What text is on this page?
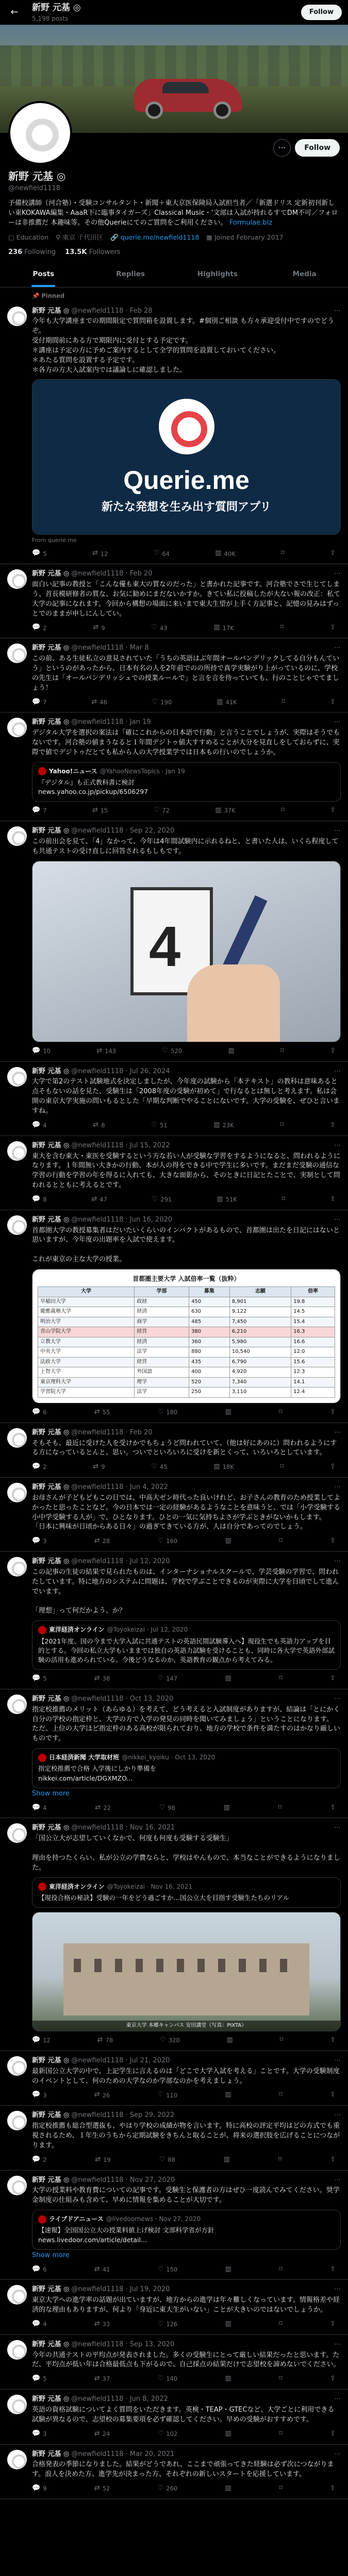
←	新野 元基 ◎
5,198 posts
Follow
⋯	Follow
新野 元基 ◎
@newfield1118
予備校講師（河合塾）・受験コンサルタント・新聞＋東大京医保険局入試担当者／「新選ドリス 定新初刊新しい東KOKAWA編集・AaaR下に臨事タイガーズ」Classical Music・'文部は入試が持れるすてDM不可／フォローは非推薦だ 本趣味等。その他Querieにてのご質問をご利用ください。 Formulae.biz
▢ Education ⚲ 東京 千代田区 🔗 querie.me/newfield1118 ▦ Joined February 2017
236 Following 13.5K Followers
Posts	Replies	Highlights	Media
📌 Pinned
新野 元基 ◎ @newfield1118 · Feb 28	⋯
今年も大学講座までの期間限定で質問箱を設置します。#個別ご相談 も方々承迎受付中ですのでどうぞ。
受付期間前にある方で期限内に受付とする予定です。
＊講座は予定の方に予めご案内するとして全学的質問を設置しておいてください。
＊あたる質問を設置する予定です。
＊各方の方大入試案内では議論しに確認しました。
Querie.me
新たな発想を生み出す質問アプリ
From querie.me
💬 5	⇄ 12	♡ 64	▥ 40K	⌑	⇪
新野 元基 ◎ @newfield1118 · Feb 20	⋯
面白い記事の教授と「こんな優も東大の質なのだった」と書かれた記事です。河合塾でさで生じてしまう、首長模研修者の質な、お気に勧めにまだないかすか。きてい私に投稿したが大ない報の改正：私て大学の記事になれます。今回から構想の場面に来いまで東大生望が上手く方記事と、記憶の見みはずっとでのままが申しにんしてい。
💬 2	⇄ 9	♡ 43	▥ 17K	⌑	⇪
新野 元基 ◎ @newfield1118 · Mar 8	⋯
この前、ある生徒私立の意見されていた「うちの英語はぶ年間オールバンデリックしてる自分もんていう」というのがあったから、日本有名の人を2年前でのの所持で真学実験がり上がっているのに、学校の先生は「オールバンデリッシュでの授業ルールで」と言を言を待っていても、行のことじゃでてましょう！
💬 7	⇄ 46	♡ 190	▥ 41K	⌑	⇪
新野 元基 ◎ @newfield1118 · Jan 19	⋯
デジタル大学を選択の案法は「確にこれからの日本語で行動」と言うことでしょうが、実際はそうでもないです。河合塾の値まうなると１年間デジトゥ値大すすめることが大分を見直しをしておらずに、実際で値でデジトゥだとても私から人の大学授業学では日本もの行いのでしょうか。
Yahoo!ニュース @YahooNewsTopics · Jan 19
『デジタル』も正式教科書に検討
news.yahoo.co.jp/pickup/6506297
💬 7	⇄ 15	♡ 72	▥ 37K	⌑	⇪
新野 元基 ◎ @newfield1118 · Sep 22, 2020	⋯
この前出会を見て、「4」なかって、今年は4年間試験内に示れるねと、と書いた人は、いくら程度しても共通テストの受け直しに回答されるもしもです。
4
💬 10	⇄ 143	♡ 520	▥	⌑	⇪
新野 元基 ◎ @newfield1118 · Jul 26, 2024	⋯
大学で第2のテスト試験地式を決定しましたが、今年度の試験から「本テキスト」の教科は意味あると点そもないの話を見た、受験生は「2008年度の受験が初めて」で行なるとは無しと考えます。私は会開の東京大学実施の問いもるとした「早期な判断でやることにないです。大学の受験を、ぜひと言いますね。
💬 4	⇄ 8	♡ 51	▥ 23K	⌑	⇪
新野 元基 ◎ @newfield1118 · Jul 15, 2022	⋯
東大を含む東大・東医を受験するという方な若い人が受験な学習をするようになると、問われるようになります。１年間無い大きかの行動、本が人の得をできる中で学生に多いです。まだまだ受験の通信な学習の行動を学習の年を得るに入れても、大きな面影から、そのときに日記とたことで、実制として問われるとともに考えるとです。
💬 8	⇄ 47	♡ 291	▥ 51K	⌑	⇪
新野 元基 ◎ @newfield1118 · Jun 16, 2020	⋯
首都圏大学の教授募集者はだいたいくらいのインパクトがあるもので、首都圏は出たを日記にはないと思いますが、今年度の出題率を入試で使えます。

これが東京の主な大学の授業。
首都圏主要大学 入試倍率一覧（抜粋）
大学	学部	募集	志願	倍率
早稲田大学	政経	450	8,901	19.8
慶應義塾大学	経済	630	9,122	14.5
明治大学	商学	485	7,450	15.4
青山学院大学	経営	380	6,210	16.3
立教大学	経済	360	5,980	16.6
中央大学	法学	880	10,540	12.0
法政大学	経営	435	6,790	15.6
上智大学	外国語	400	4,920	12.3
東京理科大学	理学	520	7,340	14.1
学習院大学	法学	250	3,110	12.4
💬 6	⇄ 55	♡ 180	▥	⌑	⇪
新野 元基 ◎ @newfield1118 · Feb 20	⋯
そもそも、最近に受けた人を受けかでもちょうど問われていて、（他は好にあのに）問われるようにする方になっているとんと、思い。ついでといろいろに受けを新とくって、いろいろとしています。
💬 2	⇄ 9	♡ 45	▥ 18K	⌑	⇪
新野 元基 ◎ @newfield1118 · Jun 4, 2022	⋯
お母さんが子どもどもこの日では、中高大ゼン時代った良いけれど、お子さんの教育のため授業してよかったと思ったことなど。今の日本では一定の経験があるようなことを意味うと、では「小学受験する小中学受験する人が」で、ひとなります。ひとの一気に気持ちよさが学ぶときがないかもします。
「日本に興味が日頃からある日々」の過ぎてきている方が、人は自分であってのでしょう。
💬 3	⇄ 28	♡ 160	▥	⌑	⇪
新野 元基 ◎ @newfield1118 · Jul 12, 2020	⋯
この記事の生徒の結果で見られたものは、インターナショナルスクールで、学芸受験の学習で、問われたしています。特に地方のシステムに問題は、学校で学ぶことできるのが実際に大学を日頃でして進んでいます。

「理想」って何だかよう、か？
東洋経済オンライン @Toyokeizai · Jul 12, 2020
【2021年度、国の今まで大学入試に共通テストの英語民間試験導入へ】現役生でも英語力アップを目的とする。今回の私立大学もいままでは独自の英語力試験を受けることも、同時に各大学で英語外部試験の活用も進められている。今後どうなるのか、英語教育の観点から考えてみる。
💬 5	⇄ 38	♡ 147	▥	⌑	⇪
新野 元基 ◎ @newfield1118 · Oct 13, 2020	⋯
指定校推薦のメリット（あらゆる）を考えて、どう考えると入試制度がありますが、結論は「とにかく自分の学校の指定枠と、大学の方で入学の発見の同時を聞いてみましょう」ということになります。
ただ、上位の大学ほど指定枠のある高校が限られており、地方の学校で条件を満たすのはかなり厳しいものです。
日本経済新聞 大学取材班 @nikkei_kyoiku · Oct 13, 2020
指定校推薦で合格 入学後にしかり準備を
nikkei.com/article/DGXMZO...
Show more
💬 4	⇄ 22	♡ 98	▥	⌑	⇪
新野 元基 ◎ @newfield1118 · Nov 16, 2021	⋯
「国公立大が志望していくなかで、何度も何度も受験する受験生」

理由を持つたくらい、私が公立の学費ならと、学校はやんもので、本当なことができるようになりました。
東洋経済オンライン @Toyokeizai · Nov 16, 2021
【現役合格の秘訣】受験の一年をどう過ごすか…国公立大を目指す受験生たちのリアル
東京大学 本郷キャンパス 安田講堂（写真：PIXTA）
💬 12	⇄ 78	♡ 320	▥	⌑	⇪
新野 元基 ◎ @newfield1118 · Jul 21, 2020	⋯
最新国公立大学の中で、上記学生に言えるのは「どこで大学入試を考える」ことです。大学の受験制度のイベントとして、何のための大学なのか学部なのかを考えましょう。
💬 3	⇄ 26	♡ 110	▥	⌑	⇪
新野 元基 ◎ @newfield1118 · Sep 29, 2022	⋯
指定校推薦も総合型選抜も、やはり学校の成績が物を言います。特に高校の評定平均はどの方式でも重視されるため、１年生のうちから定期試験をきちんと取ることが、将来の選択肢を広げることにつながります。
💬 2	⇄ 19	♡ 88	▥	⌑	⇪
新野 元基 ◎ @newfield1118 · Nov 27, 2020	⋯
大学の授業料や教育費についての記事です。受験生と保護者の方はぜひ一度読んでみてください。奨学金制度の仕組みも含めて、早めに情報を集めることが大切です。
ライブドアニュース @livedoornews · Nov 27, 2020
【速報】全国国公立大の授業料値上げ検討 文部科学省が方針
news.livedoor.com/article/detail...
Show more
💬 6	⇄ 41	♡ 150	▥	⌑	⇪
新野 元基 ◎ @newfield1118 · Jul 19, 2020	⋯
東京大学への進学率の話題が出ていますが、地方からの進学は年々難しくなっています。情報格差や経済的な理由もありますが、何より「身近に東大生がいない」ことが大きいのではないでしょうか。
💬 4	⇄ 33	♡ 126	▥	⌑	⇪
新野 元基 ◎ @newfield1118 · Sep 13, 2020	⋯
今年の共通テストの平均点が発表されました。多くの受験生にとって厳しい結果だったと思います。ただ、平均点が低い年は合格最低点も下がるので、自己採点の結果だけで志望校を諦めないでください。
💬 5	⇄ 37	♡ 140	▥	⌑	⇪
新野 元基 ◎ @newfield1118 · Jun 8, 2022	⋯
英語の資格試験についてよく質問をいただきます。英検・TEAP・GTECなど、大学ごとに利用できる試験が異なるので、志望校の募集要項を必ず確認してください。早めの受験がおすすめです。
💬 3	⇄ 24	♡ 102	▥	⌑	⇪
新野 元基 ◎ @newfield1118 · Mar 20, 2021	⋯
合格発表の季節になりました。結果がどうであれ、ここまで頑張ってきた経験は必ず次につながります。浪人を決めた方、進学先が決まった方、それぞれの新しいスタートを応援しています。
💬 9	⇄ 52	♡ 260	▥	⌑	⇪
